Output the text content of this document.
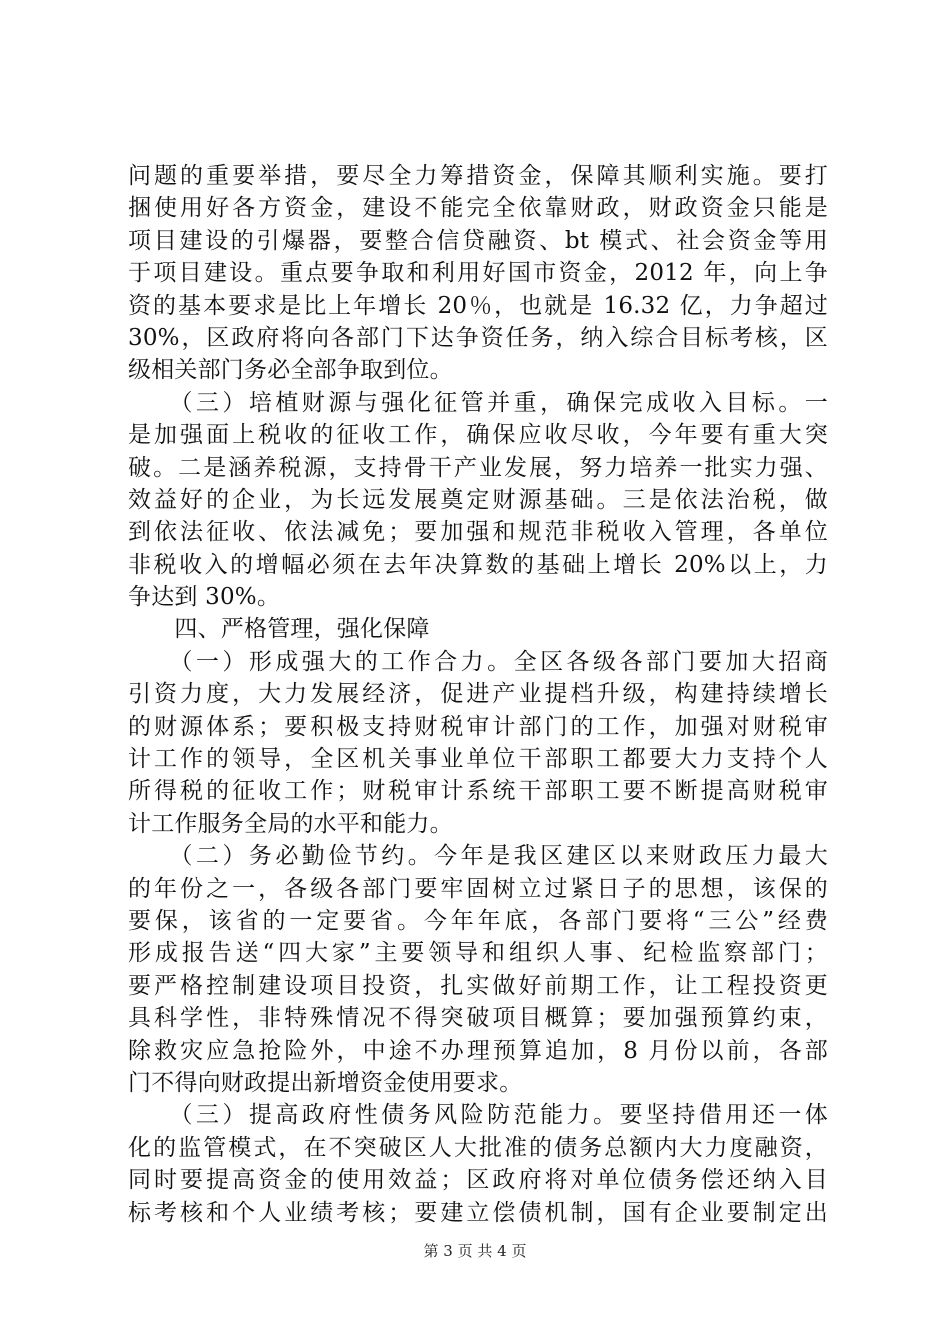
问题的重要举措，要尽全力筹措资金，保障其顺利实施。要打
捆使用好各方资金，建设不能完全依靠财政，财政资金只能是
项目建设的引爆器，要整合信贷融资、bt 模式、社会资金等用
于项目建设。重点要争取和利用好国市资金，2012 年，向上争
资的基本要求是比上年增长 20％，也就是 16.32 亿，力争超过
30%，区政府将向各部门下达争资任务，纳入综合目标考核，区
级相关部门务必全部争取到位。
　　（三）培植财源与强化征管并重，确保完成收入目标。一
是加强面上税收的征收工作，确保应收尽收，今年要有重大突
破。二是涵养税源，支持骨干产业发展，努力培养一批实力强、
效益好的企业，为长远发展奠定财源基础。三是依法治税，做
到依法征收、依法减免；要加强和规范非税收入管理，各单位
非税收入的增幅必须在去年决算数的基础上增长 20%以上，力
争达到 30%。
　　四、严格管理，强化保障
　　（一）形成强大的工作合力。全区各级各部门要加大招商
引资力度，大力发展经济，促进产业提档升级，构建持续增长
的财源体系；要积极支持财税审计部门的工作，加强对财税审
计工作的领导，全区机关事业单位干部职工都要大力支持个人
所得税的征收工作；财税审计系统干部职工要不断提高财税审
计工作服务全局的水平和能力。
　　（二）务必勤俭节约。今年是我区建区以来财政压力最大
的年份之一，各级各部门要牢固树立过紧日子的思想，该保的
要保，该省的一定要省。今年年底，各部门要将“三公”经费
形成报告送“四大家”主要领导和组织人事、纪检监察部门；
要严格控制建设项目投资，扎实做好前期工作，让工程投资更
具科学性，非特殊情况不得突破项目概算；要加强预算约束，
除救灾应急抢险外，中途不办理预算追加，8 月份以前，各部
门不得向财政提出新增资金使用要求。
　　（三）提高政府性债务风险防范能力。要坚持借用还一体
化的监管模式，在不突破区人大批准的债务总额内大力度融资，
同时要提高资金的使用效益；区政府将对单位债务偿还纳入目
标考核和个人业绩考核；要建立偿债机制，国有企业要制定出
第 3 页 共 4 页
